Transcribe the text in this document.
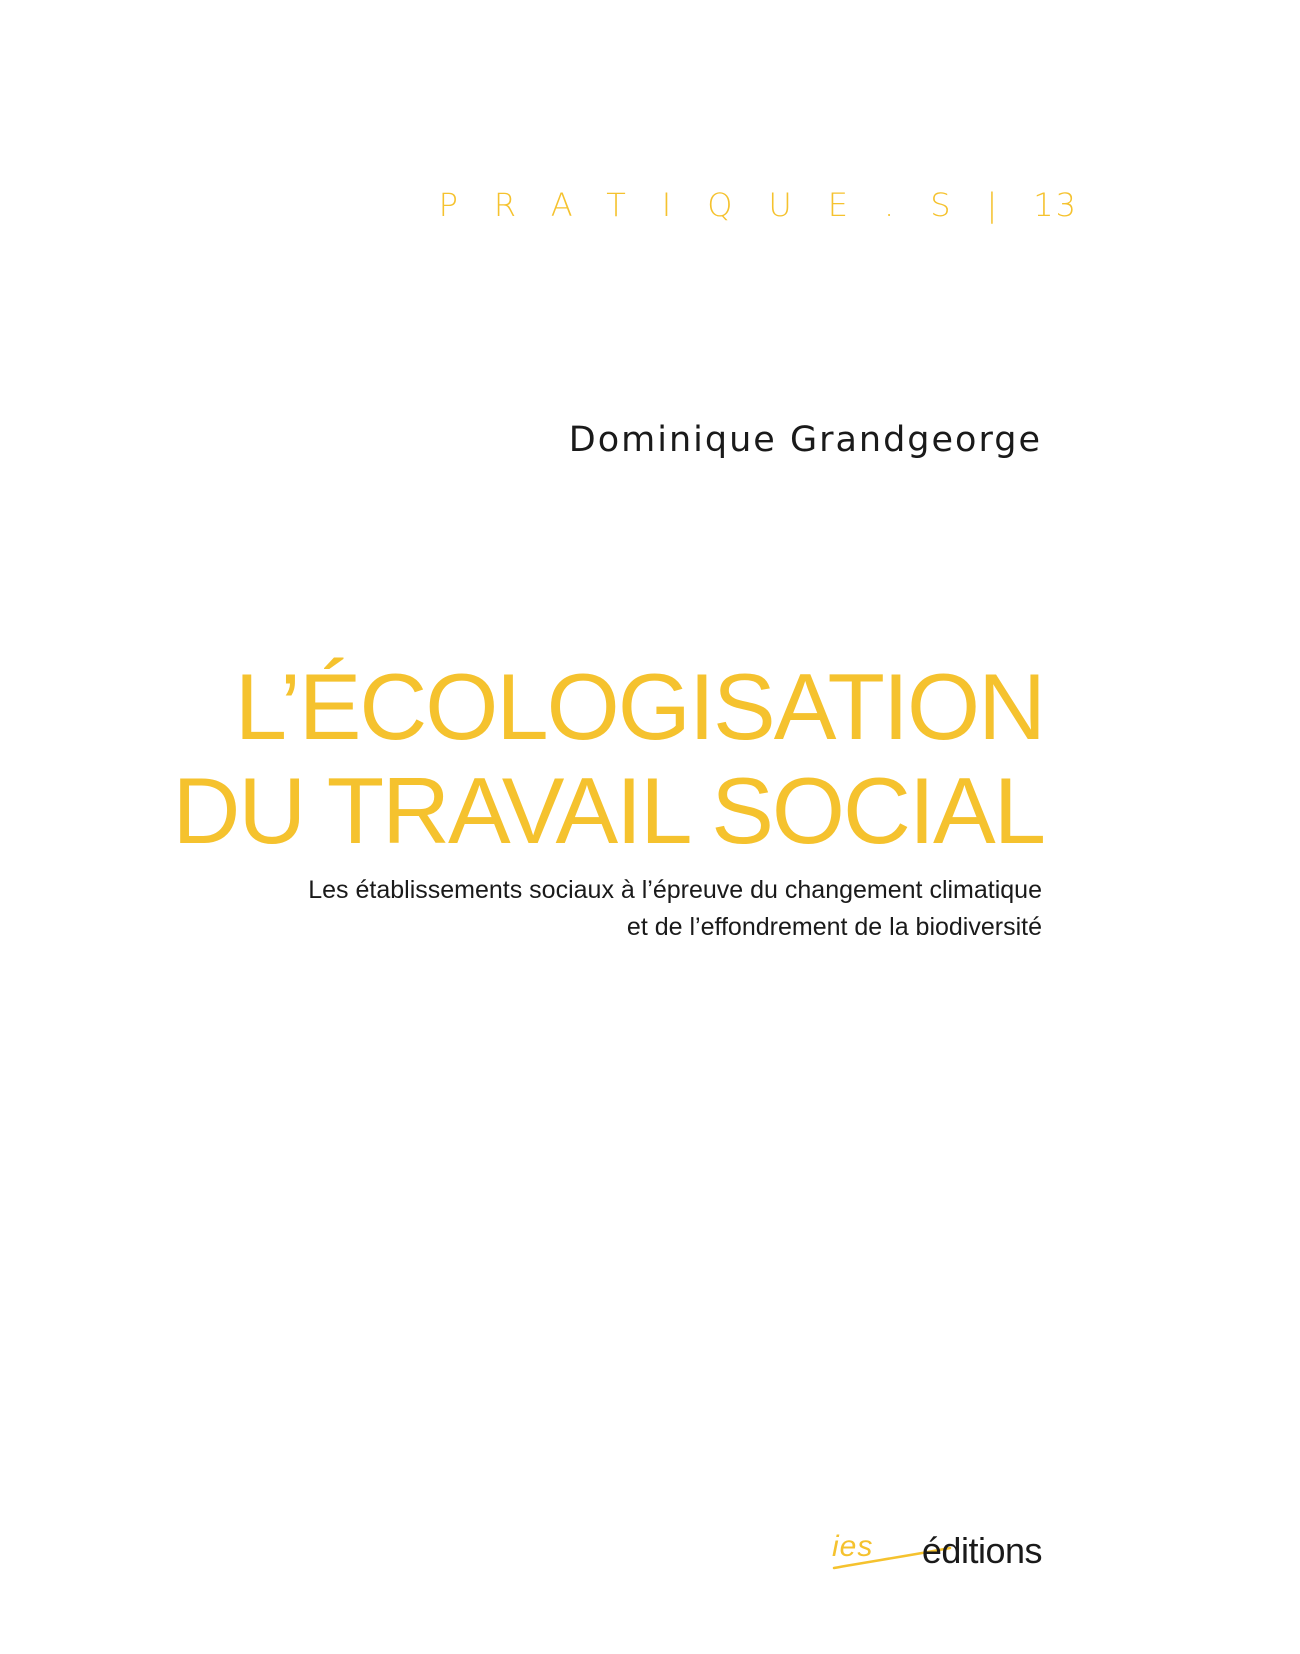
PRATIQUE.S|13
Dominique Grandgeorge
L’ÉCOLOGISATION
DU TRAVAIL SOCIAL
Les établissements sociaux à l’épreuve du changement climatique
et de l’effondrement de la biodiversité
ies éditions
